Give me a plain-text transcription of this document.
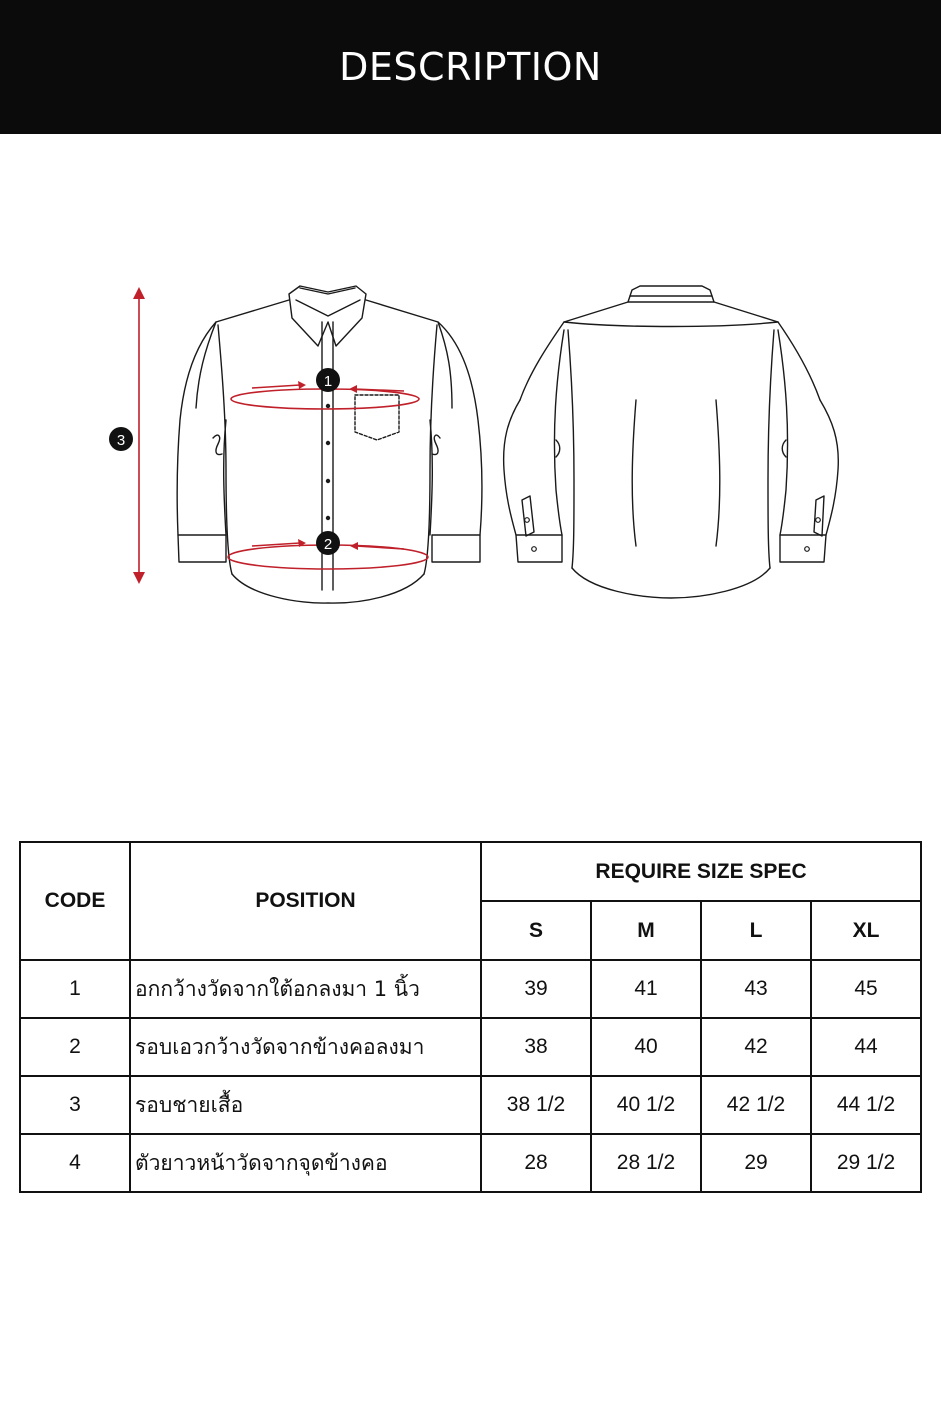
DESCRIPTION
1
2
3
CODE	POSITION	REQUIRE SIZE SPEC			
		S	M	L	XL
1	อกกว้างวัดจากใต้อกลงมา 1 นิ้ว	39	41	43	45
2	รอบเอวกว้างวัดจากข้างคอลงมา	38	40	42	44
3	รอบชายเสื้อ	38 1/2	40 1/2	42 1/2	44 1/2
4	ตัวยาวหน้าวัดจากจุดข้างคอ	28	28 1/2	29	29 1/2
